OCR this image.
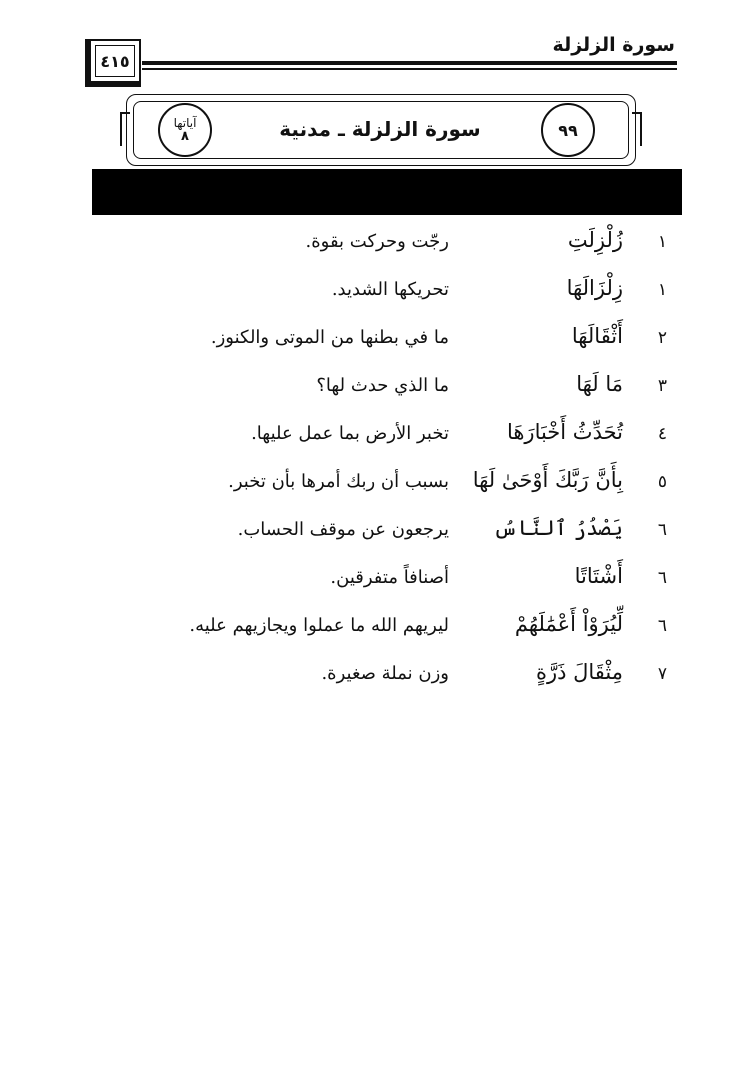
سورة الزلزلة
٤١٥
آياتها
٨	سورة الزلزلة ـ مدنية	٩٩
١
زُلْزِلَتِ
رجّت وحركت بقوة.
١
زِلْزَالَهَا
تحريكها الشديد.
٢
أَثْقَالَهَا
ما في بطنها من الموتى والكنوز.
٣
مَا لَهَا
ما الذي حدث لها؟
٤
تُحَدِّثُ أَخْبَارَهَا
تخبر الأرض بما عمل عليها.
٥
بِأَنَّ رَبَّكَ أَوْحَىٰ لَهَا
بسبب أن ربك أمرها بأن تخبر.
٦
يَصْدُرُ ٱلنَّاسُ
يرجعون عن موقف الحساب.
٦
أَشْتَاتًا
أصنافاً متفرقين.
٦
لِّيُرَوْاْ أَعْمَٰلَهُمْ
ليريهم الله ما عملوا ويجازيهم عليه.
٧
مِثْقَالَ ذَرَّةٍ
وزن نملة صغيرة.
